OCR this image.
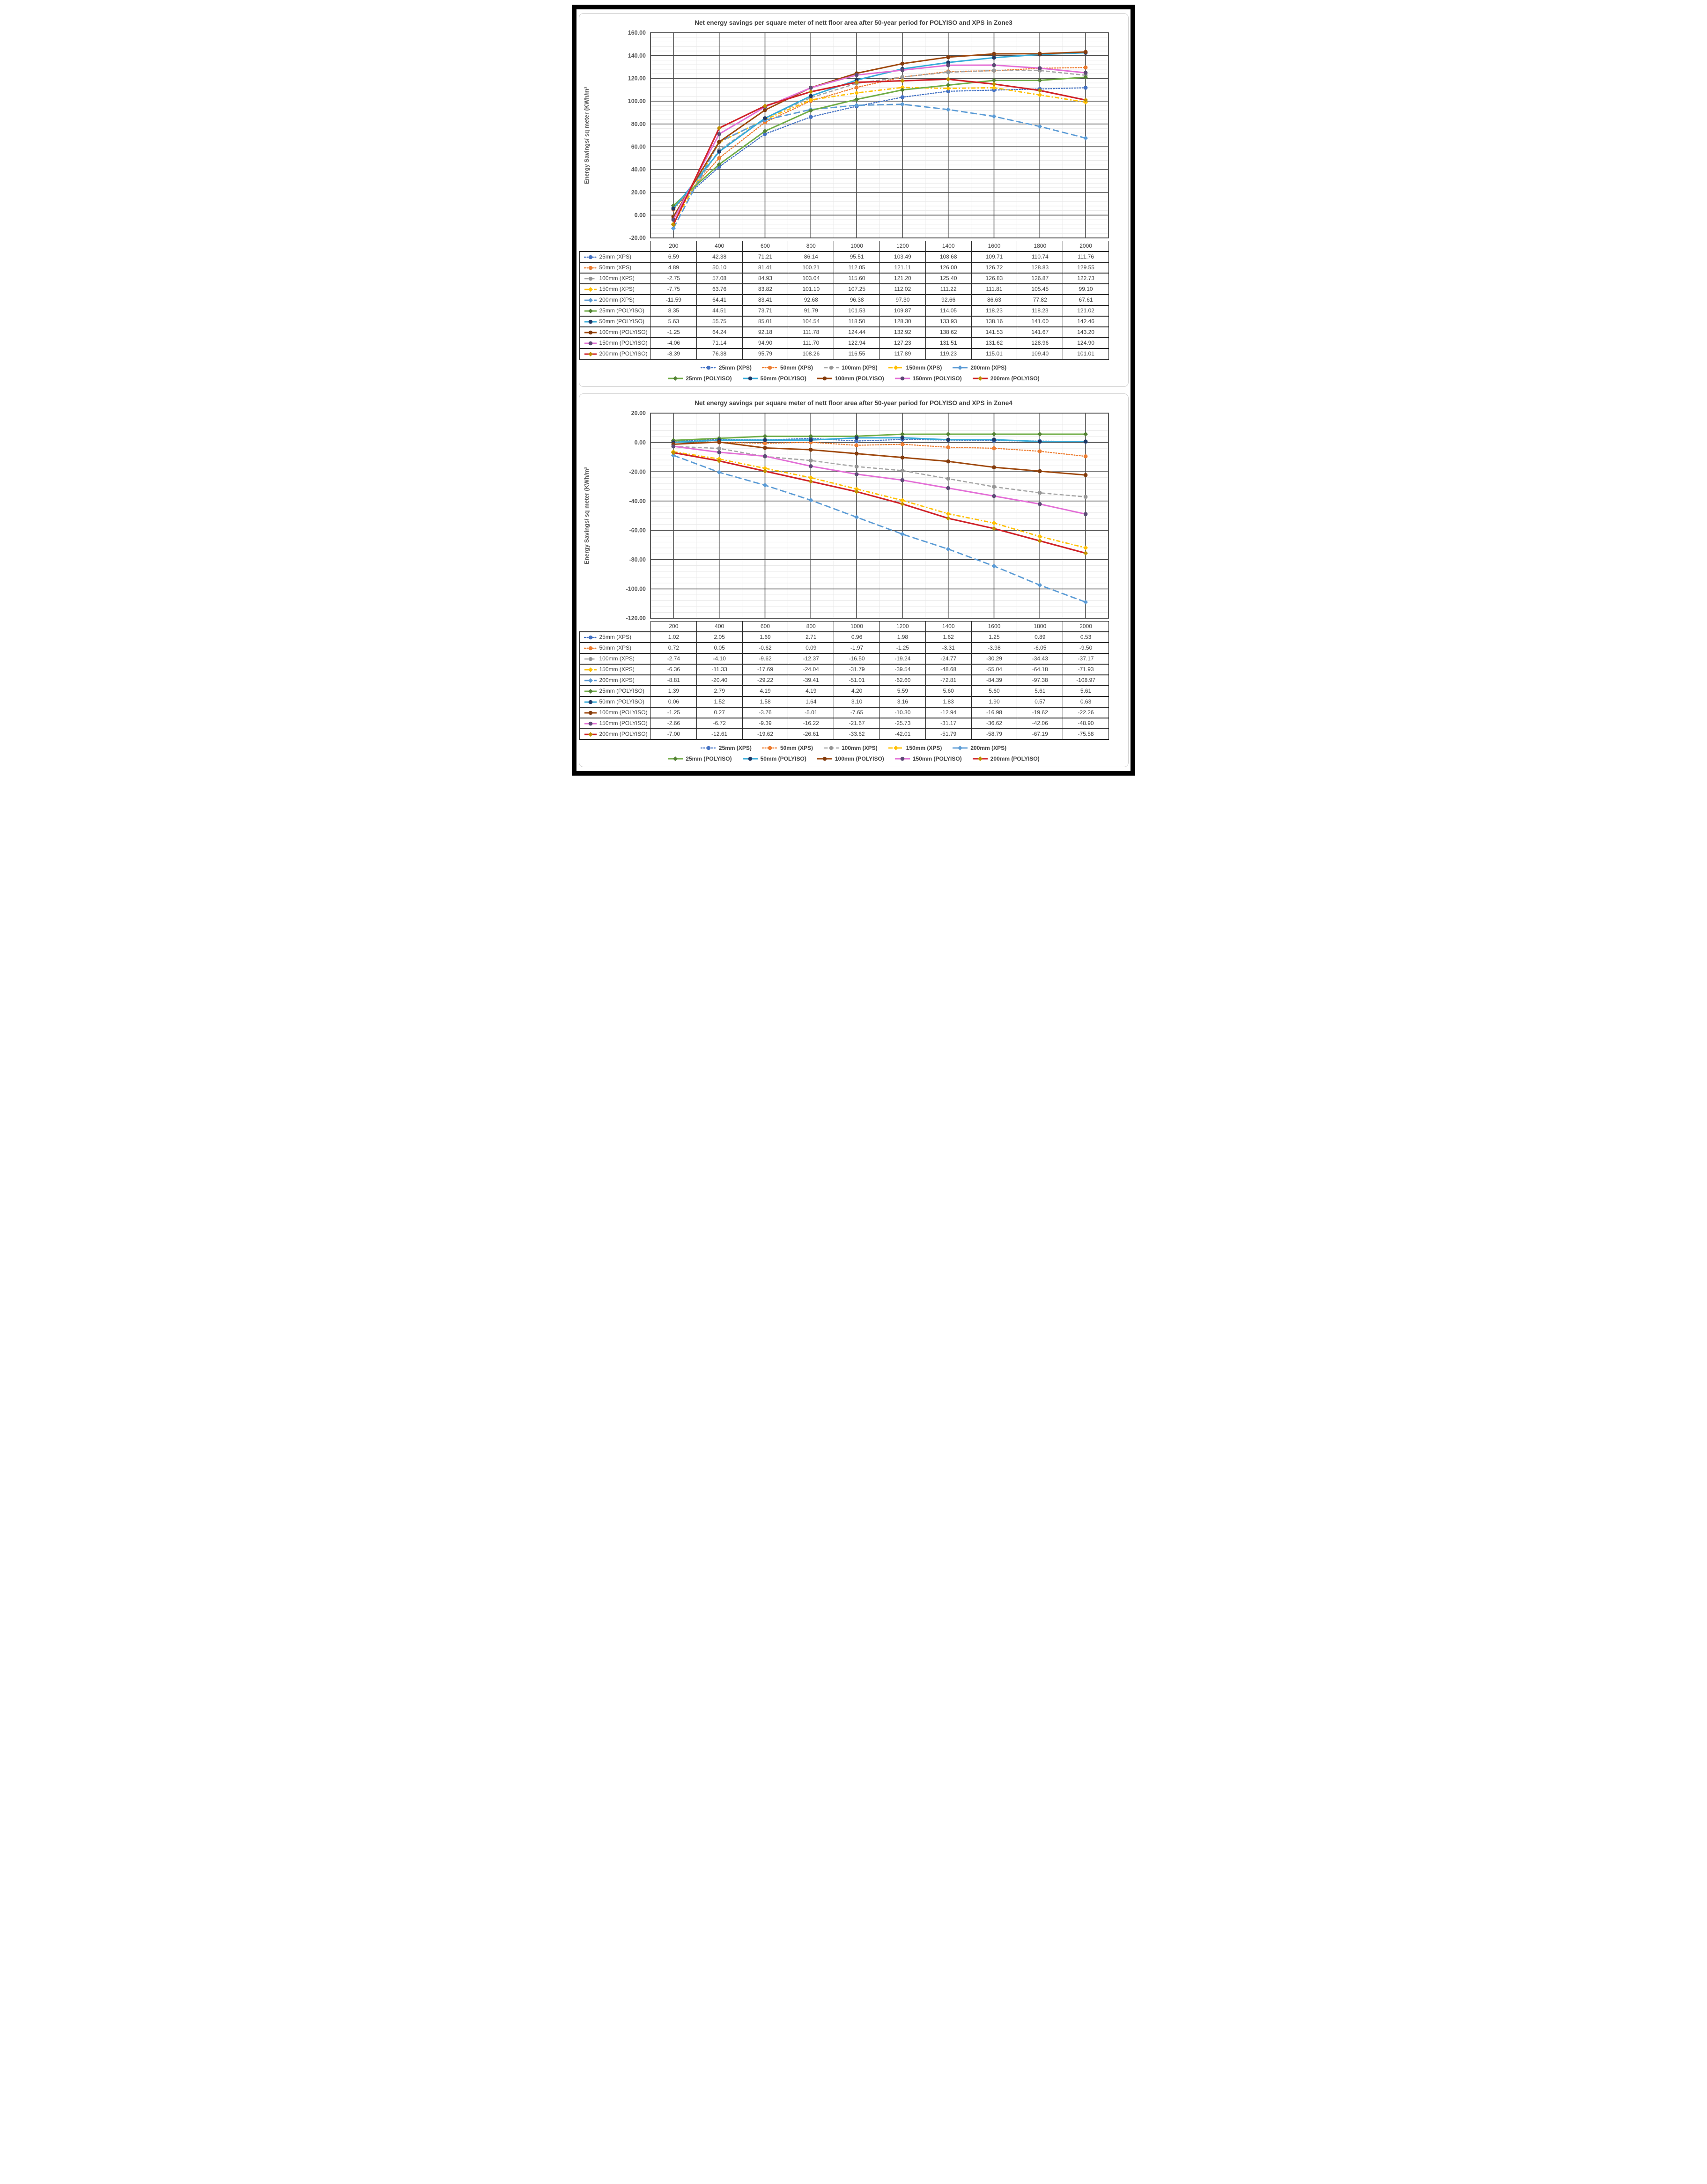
Net energy savings per square meter of nett floor area after 50-year period for POLYISO and XPS in Zone3
160.00
140.00
120.00
100.00
80.00
60.00
40.00
20.00
0.00
-20.00
Energy Savings/ sq meter (KWh/m²
	200	400	600	800	1000	1200	1400	1600	1800	2000

25mm (XPS)	6.59	42.38	71.21	86.14	95.51	103.49	108.68	109.71	110.74	111.76

50mm (XPS)	4.89	50.10	81.41	100.21	112.05	121.11	126.00	126.72	128.83	129.55

100mm (XPS)	-2.75	57.08	84.93	103.04	115.60	121.20	125.40	126.83	126.87	122.73

150mm (XPS)	-7.75	63.76	83.82	101.10	107.25	112.02	111.22	111.81	105.45	99.10

200mm (XPS)	-11.59	64.41	83.41	92.68	96.38	97.30	92.66	86.63	77.82	67.61

25mm (POLYISO)	8.35	44.51	73.71	91.79	101.53	109.87	114.05	118.23	118.23	121.02

50mm (POLYISO)	5.63	55.75	85.01	104.54	118.50	128.30	133.93	138.16	141.00	142.46

100mm (POLYISO)	-1.25	64.24	92.18	111.78	124.44	132.92	138.62	141.53	141.67	143.20

150mm (POLYISO)	-4.06	71.14	94.90	111.70	122.94	127.23	131.51	131.62	128.96	124.90

200mm (POLYISO)	-8.39	76.38	95.79	108.26	116.55	117.89	119.23	115.01	109.40	101.01
25mm (XPS)	50mm (XPS)	100mm (XPS)	150mm (XPS)	200mm (XPS)
25mm (POLYISO)	50mm (POLYISO)	100mm (POLYISO)	150mm (POLYISO)	200mm (POLYISO)
Net energy savings per square meter of nett floor area after 50-year period for POLYISO and XPS in Zone4
20.00
0.00
-20.00
-40.00
-60.00
-80.00
-100.00
-120.00
Energy Savings/ sq meter (KWh/m²
	200	400	600	800	1000	1200	1400	1600	1800	2000

25mm (XPS)	1.02	2.05	1.69	2.71	0.96	1.98	1.62	1.25	0.89	0.53

50mm (XPS)	0.72	0.05	-0.62	0.09	-1.97	-1.25	-3.31	-3.98	-6.05	-9.50

100mm (XPS)	-2.74	-4.10	-9.62	-12.37	-16.50	-19.24	-24.77	-30.29	-34.43	-37.17

150mm (XPS)	-6.36	-11.33	-17.69	-24.04	-31.79	-39.54	-48.68	-55.04	-64.18	-71.93

200mm (XPS)	-8.81	-20.40	-29.22	-39.41	-51.01	-62.60	-72.81	-84.39	-97.38	-108.97

25mm (POLYISO)	1.39	2.79	4.19	4.19	4.20	5.59	5.60	5.60	5.61	5.61

50mm (POLYISO)	0.06	1.52	1.58	1.64	3.10	3.16	1.83	1.90	0.57	0.63

100mm (POLYISO)	-1.25	0.27	-3.76	-5.01	-7.65	-10.30	-12.94	-16.98	-19.62	-22.26

150mm (POLYISO)	-2.66	-6.72	-9.39	-16.22	-21.67	-25.73	-31.17	-36.62	-42.06	-48.90

200mm (POLYISO)	-7.00	-12.61	-19.62	-26.61	-33.62	-42.01	-51.79	-58.79	-67.19	-75.58
25mm (XPS)	50mm (XPS)	100mm (XPS)	150mm (XPS)	200mm (XPS)
25mm (POLYISO)	50mm (POLYISO)	100mm (POLYISO)	150mm (POLYISO)	200mm (POLYISO)
